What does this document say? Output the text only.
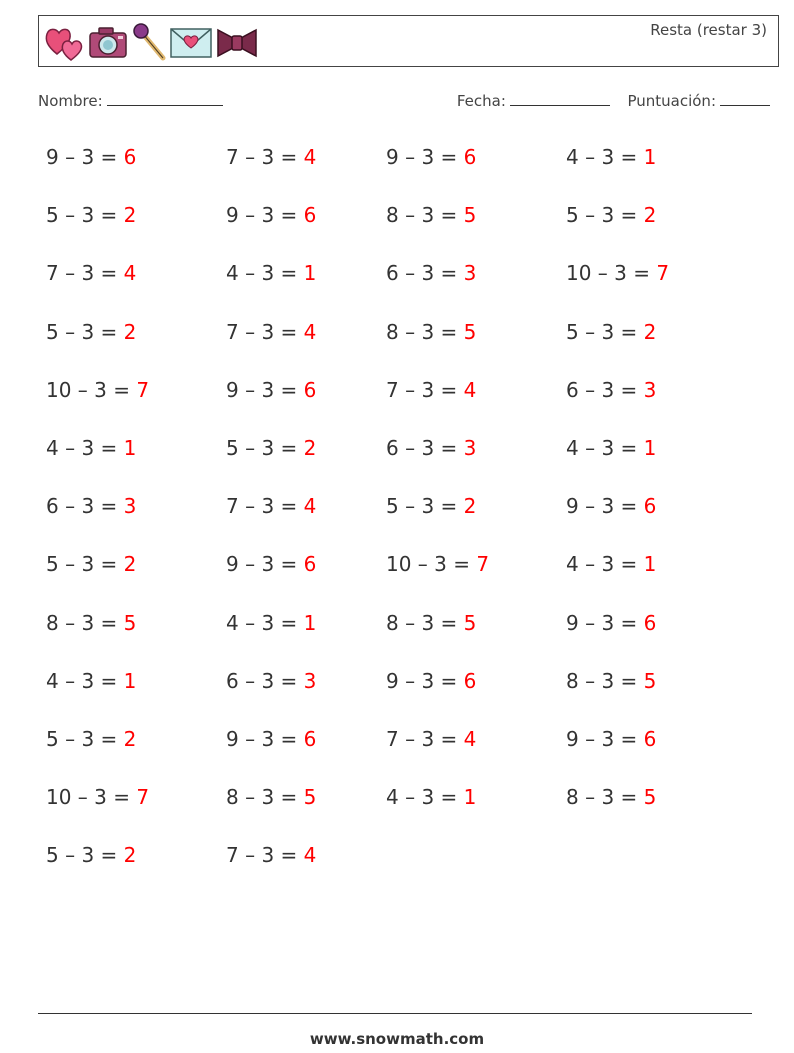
Resta (restar 3)
Nombre:	Fecha:	Puntuación:
9 – 3 = 6	7 – 3 = 4	9 – 3 = 6	4 – 3 = 1
5 – 3 = 2	9 – 3 = 6	8 – 3 = 5	5 – 3 = 2
7 – 3 = 4	4 – 3 = 1	6 – 3 = 3	10 – 3 = 7
5 – 3 = 2	7 – 3 = 4	8 – 3 = 5	5 – 3 = 2
10 – 3 = 7	9 – 3 = 6	7 – 3 = 4	6 – 3 = 3
4 – 3 = 1	5 – 3 = 2	6 – 3 = 3	4 – 3 = 1
6 – 3 = 3	7 – 3 = 4	5 – 3 = 2	9 – 3 = 6
5 – 3 = 2	9 – 3 = 6	10 – 3 = 7	4 – 3 = 1
8 – 3 = 5	4 – 3 = 1	8 – 3 = 5	9 – 3 = 6
4 – 3 = 1	6 – 3 = 3	9 – 3 = 6	8 – 3 = 5
5 – 3 = 2	9 – 3 = 6	7 – 3 = 4	9 – 3 = 6
10 – 3 = 7	8 – 3 = 5	4 – 3 = 1	8 – 3 = 5
5 – 3 = 2	7 – 3 = 4
www.snowmath.com
